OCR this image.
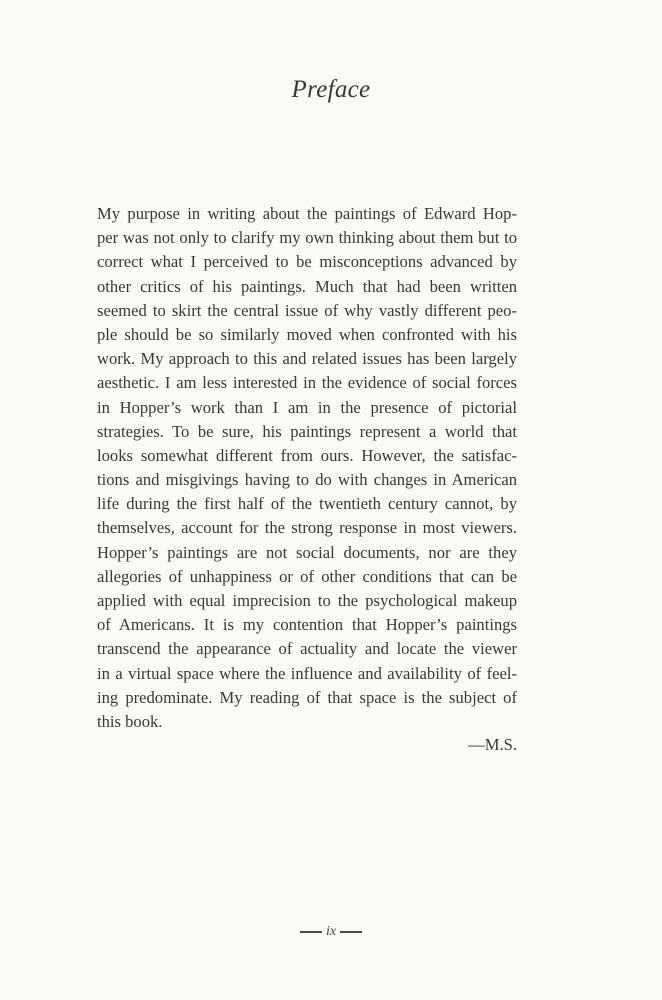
Preface
My purpose in writing about the paintings of Edward Hop-
per was not only to clarify my own thinking about them but to
correct what I perceived to be misconceptions advanced by
other critics of his paintings. Much that had been written
seemed to skirt the central issue of why vastly different peo-
ple should be so similarly moved when confronted with his
work. My approach to this and related issues has been largely
aesthetic. I am less interested in the evidence of social forces
in Hopper’s work than I am in the presence of pictorial
strategies. To be sure, his paintings represent a world that
looks somewhat different from ours. However, the satisfac-
tions and misgivings having to do with changes in American
life during the first half of the twentieth century cannot, by
themselves, account for the strong response in most viewers.
Hopper’s paintings are not social documents, nor are they
allegories of unhappiness or of other conditions that can be
applied with equal imprecision to the psychological makeup
of Americans. It is my contention that Hopper’s paintings
transcend the appearance of actuality and locate the viewer
in a virtual space where the influence and availability of feel-
ing predominate. My reading of that space is the subject of
this book.
—M.S.
ix
